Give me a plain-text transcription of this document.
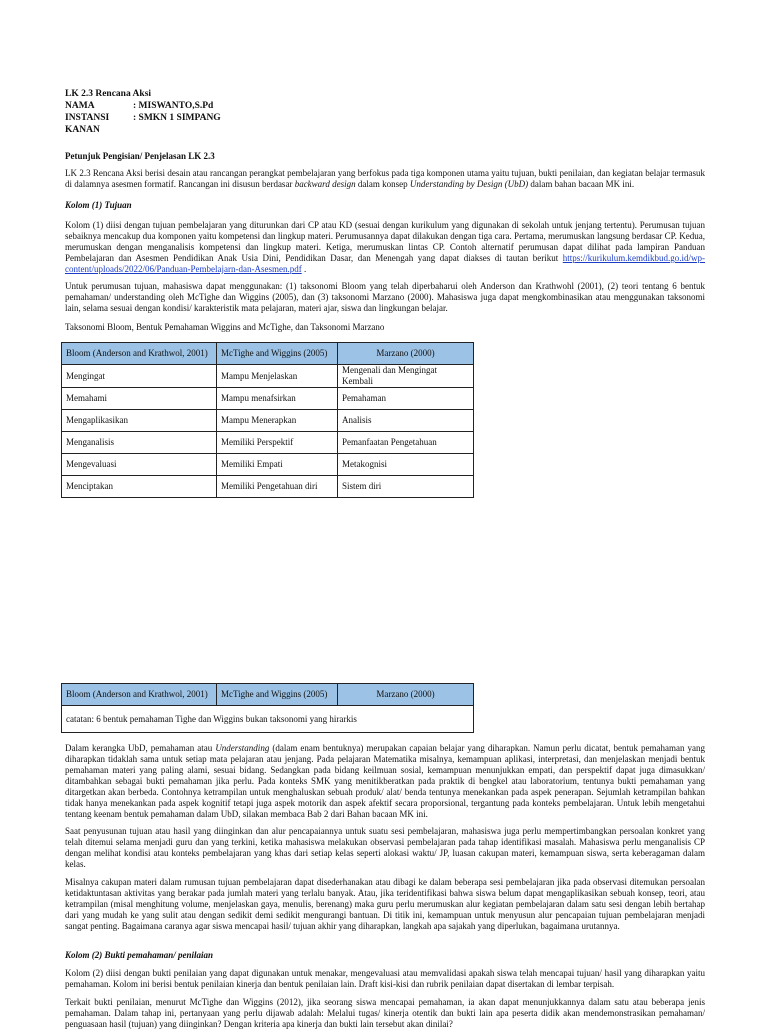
LK 2.3 Rencana Aksi
NAMA	: MISWANTO,S.Pd
INSTANSI	: SMKN 1 SIMPANG
KANAN
Petunjuk Pengisian/ Penjelasan LK 2.3

LK 2.3 Rencana Aksi berisi desain atau rancangan perangkat pembelajaran yang berfokus pada tiga komponen utama yaitu tujuan, bukti penilaian, dan kegiatan belajar termasuk di dalamnya asesmen formatif. Rancangan ini disusun berdasar backward design dalam konsep Understanding by Design (UbD) dalam bahan bacaan MK ini.

Kolom (1) Tujuan

Kolom (1) diisi dengan tujuan pembelajaran yang diturunkan dari CP atau KD (sesuai dengan kurikulum yang digunakan di sekolah untuk jenjang tertentu). Perumusan tujuan sebaiknya mencakup dua komponen yaitu kompetensi dan lingkup materi. Perumusannya dapat dilakukan dengan tiga cara. Pertama, merumuskan langsung berdasar CP. Kedua, merumuskan dengan menganalisis kompetensi dan lingkup materi. Ketiga, merumuskan lintas CP. Contoh alternatif perumusan dapat dilihat pada lampiran Panduan Pembelajaran dan Asesmen Pendidikan Anak Usia Dini, Pendidikan Dasar, dan Menengah yang dapat diakses di tautan berikut https://kurikulum.kemdikbud.go.id/wp-content/uploads/2022/06/Panduan-Pembelajarn-dan-Asesmen.pdf .

Untuk perumusan tujuan, mahasiswa dapat menggunakan: (1) taksonomi Bloom yang telah diperbaharui oleh Anderson dan Krathwohl (2001), (2) teori tentang 6 bentuk pemahaman/ understanding oleh McTighe dan Wiggins (2005), dan (3) taksonomi Marzano (2000). Mahasiswa juga dapat mengkombinasikan atau menggunakan taksonomi lain, selama sesuai dengan kondisi/ karakteristik mata pelajaran, materi ajar, siswa dan lingkungan belajar.

Taksonomi Bloom, Bentuk Pemahaman Wiggins and McTighe, dan Taksonomi Marzano
Bloom (Anderson and Krathwol, 2001)	McTighe and Wiggins (2005)	Marzano (2000)
Mengingat	Mampu Menjelaskan	Mengenali dan Mengingat Kembali
Memahami	Mampu menafsirkan	Pemahaman
Mengaplikasikan	Mampu Menerapkan	Analisis
Menganalisis	Memiliki Perspektif	Pemanfaatan Pengetahuan
Mengevaluasi	Memiliki Empati	Metakognisi
Menciptakan	Memiliki Pengetahuan diri	Sistem diri
Bloom (Anderson and Krathwol, 2001)	McTighe and Wiggins (2005)	Marzano (2000)
catatan: 6 bentuk pemahaman Tighe dan Wiggins bukan taksonomi yang hirarkis

Dalam kerangka UbD, pemahaman atau Understanding (dalam enam bentuknya) merupakan capaian belajar yang diharapkan. Namun perlu dicatat, bentuk pemahaman yang diharapkan tidaklah sama untuk setiap mata pelajaran atau jenjang. Pada pelajaran Matematika misalnya, kemampuan aplikasi, interpretasi, dan menjelaskan menjadi bentuk pemahaman materi yang paling alami, sesuai bidang. Sedangkan pada bidang keilmuan sosial, kemampuan menunjukkan empati, dan perspektif dapat juga dimasukkan/ ditambahkan sebagai bukti pemahaman jika perlu. Pada konteks SMK yang menitikberatkan pada praktik di bengkel atau laboratorium, tentunya bukti pemahaman yang ditargetkan akan berbeda. Contohnya ketrampilan untuk menghaluskan sebuah produk/ alat/ benda tentunya menekankan pada aspek penerapan. Sejumlah ketrampilan bahkan tidak hanya menekankan pada aspek kognitif tetapi juga aspek motorik dan aspek afektif secara proporsional, tergantung pada konteks pembelajaran. Untuk lebih mengetahui tentang keenam bentuk pemahaman dalam UbD, silakan membaca Bab 2 dari Bahan bacaan MK ini.

Saat penyusunan tujuan atau hasil yang diinginkan dan alur pencapaiannya untuk suatu sesi pembelajaran, mahasiswa juga perlu mempertimbangkan persoalan konkret yang telah ditemui selama menjadi guru dan yang terkini, ketika mahasiswa melakukan observasi pembelajaran pada tahap identifikasi masalah. Mahasiswa perlu menganalisis CP dengan melihat kondisi atau konteks pembelajaran yang khas dari setiap kelas seperti alokasi waktu/ JP, luasan cakupan materi, kemampuan siswa, serta keberagaman dalam kelas.

Misalnya cakupan materi dalam rumusan tujuan pembelajaran dapat disederhanakan atau dibagi ke dalam beberapa sesi pembelajaran jika pada observasi ditemukan persoalan ketidaktuntasan aktivitas yang berakar pada jumlah materi yang terlalu banyak. Atau, jika teridentifikasi bahwa siswa belum dapat mengaplikasikan sebuah konsep, teori, atau ketrampilan (misal menghitung volume, menjelaskan gaya, menulis, berenang) maka guru perlu merumuskan alur kegiatan pembelajaran dalam satu sesi dengan lebih bertahap dari yang mudah ke yang sulit atau dengan sedikit demi sedikit mengurangi bantuan. Di titik ini, kemampuan untuk menyusun alur pencapaian tujuan pembelajaran menjadi sangat penting. Bagaimana caranya agar siswa mencapai hasil/ tujuan akhir yang diharapkan, langkah apa sajakah yang diperlukan, bagaimana urutannya.

Kolom (2) Bukti pemahaman/ penilaian

Kolom (2) diisi dengan bukti penilaian yang dapat digunakan untuk menakar, mengevaluasi atau memvalidasi apakah siswa telah mencapai tujuan/ hasil yang diharapkan yaitu pemahaman. Kolom ini berisi bentuk penilaian kinerja dan bentuk penilaian lain. Draft kisi-kisi dan rubrik penilaian dapat disertakan di lembar terpisah.

Terkait bukti penilaian, menurut McTighe dan Wiggins (2012), jika seorang siswa mencapai pemahaman, ia akan dapat menunjukkannya dalam satu atau beberapa jenis pemahaman. Dalam tahap ini, pertanyaan yang perlu dijawab adalah: Melalui tugas/ kinerja otentik dan bukti lain apa peserta didik akan mendemonstrasikan pemahaman/ penguasaan hasil (tujuan) yang diinginkan? Dengan kriteria apa kinerja dan bukti lain tersebut akan dinilai?
